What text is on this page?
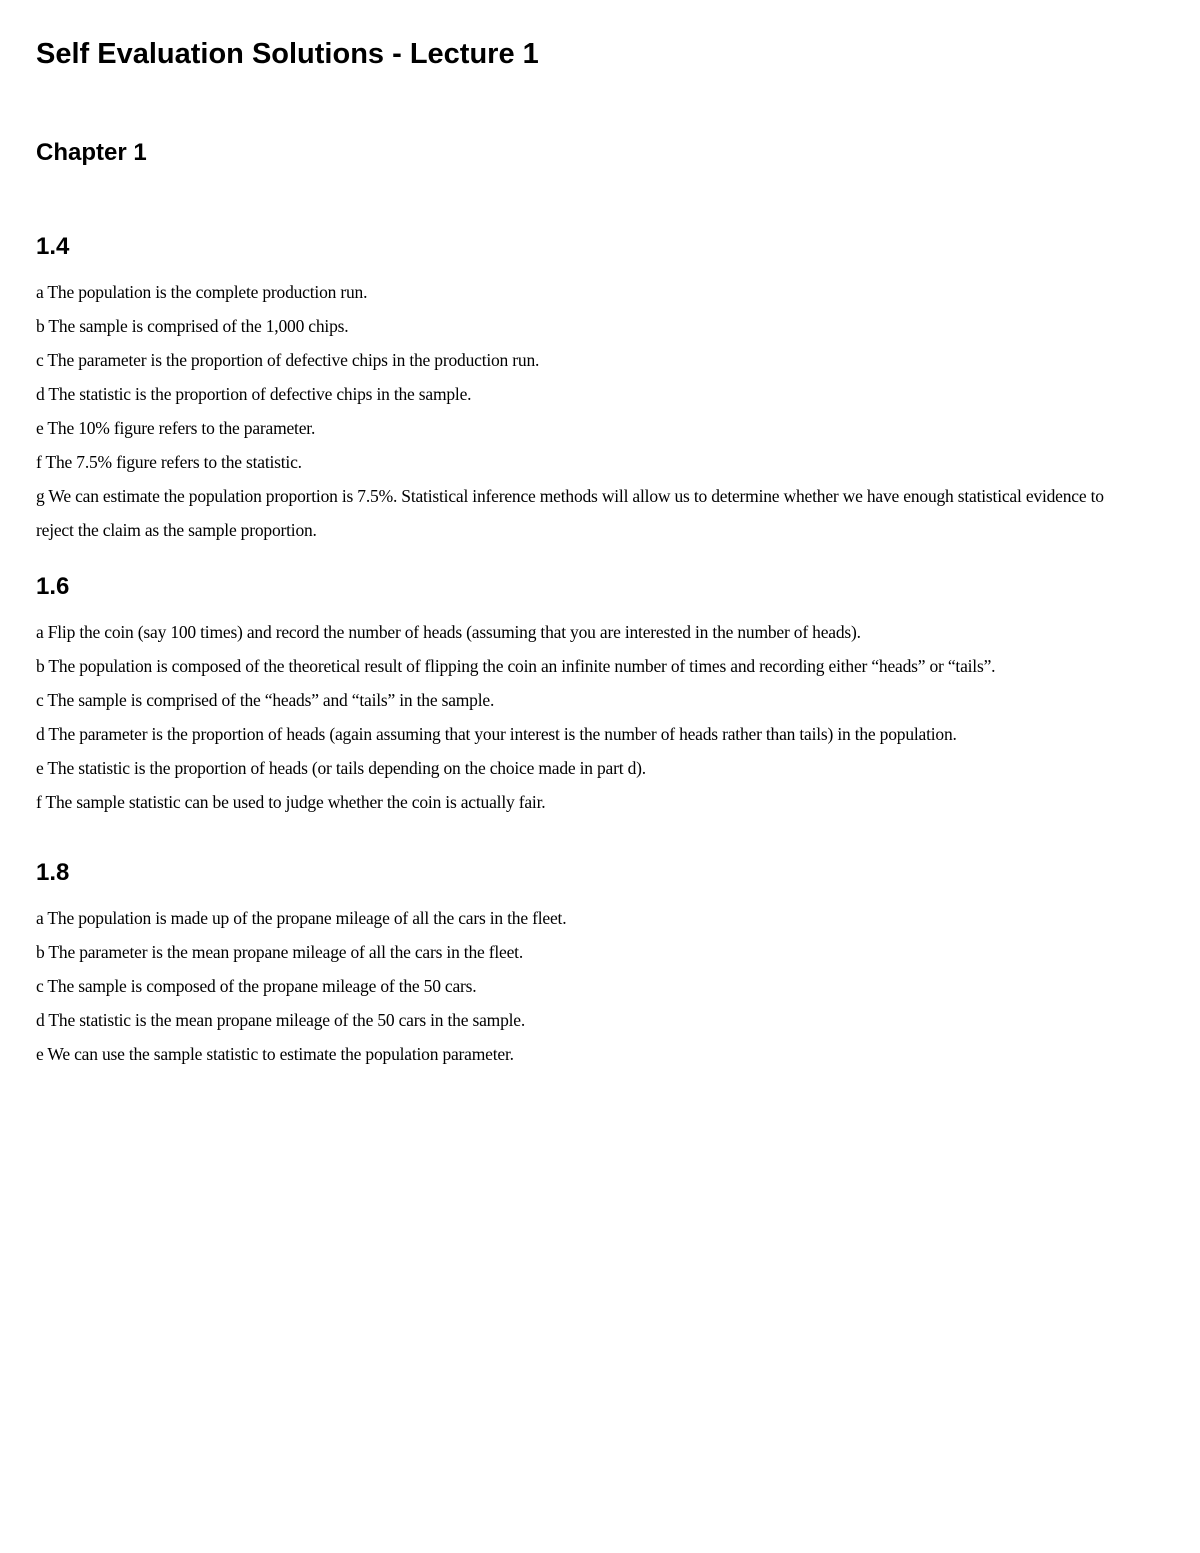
Self Evaluation Solutions - Lecture 1
Chapter 1
1.4
a The population is the complete production run.
b The sample is comprised of the 1,000 chips.
c The parameter is the proportion of defective chips in the production run.
d The statistic is the proportion of defective chips in the sample.
e The 10% figure refers to the parameter.
f The 7.5% figure refers to the statistic.
g We can estimate the population proportion is 7.5%. Statistical inference methods will allow us to determine whether we have enough statistical evidence to reject the claim as the sample proportion.
1.6
a Flip the coin (say 100 times) and record the number of heads (assuming that you are interested in the number of heads).
b The population is composed of the theoretical result of flipping the coin an infinite number of times and recording either “heads” or “tails”.
c The sample is comprised of the “heads” and “tails” in the sample.
d The parameter is the proportion of heads (again assuming that your interest is the number of heads rather than tails) in the population.
e The statistic is the proportion of heads (or tails depending on the choice made in part d).
f The sample statistic can be used to judge whether the coin is actually fair.
1.8
a The population is made up of the propane mileage of all the cars in the fleet.
b The parameter is the mean propane mileage of all the cars in the fleet.
c The sample is composed of the propane mileage of the 50 cars.
d The statistic is the mean propane mileage of the 50 cars in the sample.
e We can use the sample statistic to estimate the population parameter.
